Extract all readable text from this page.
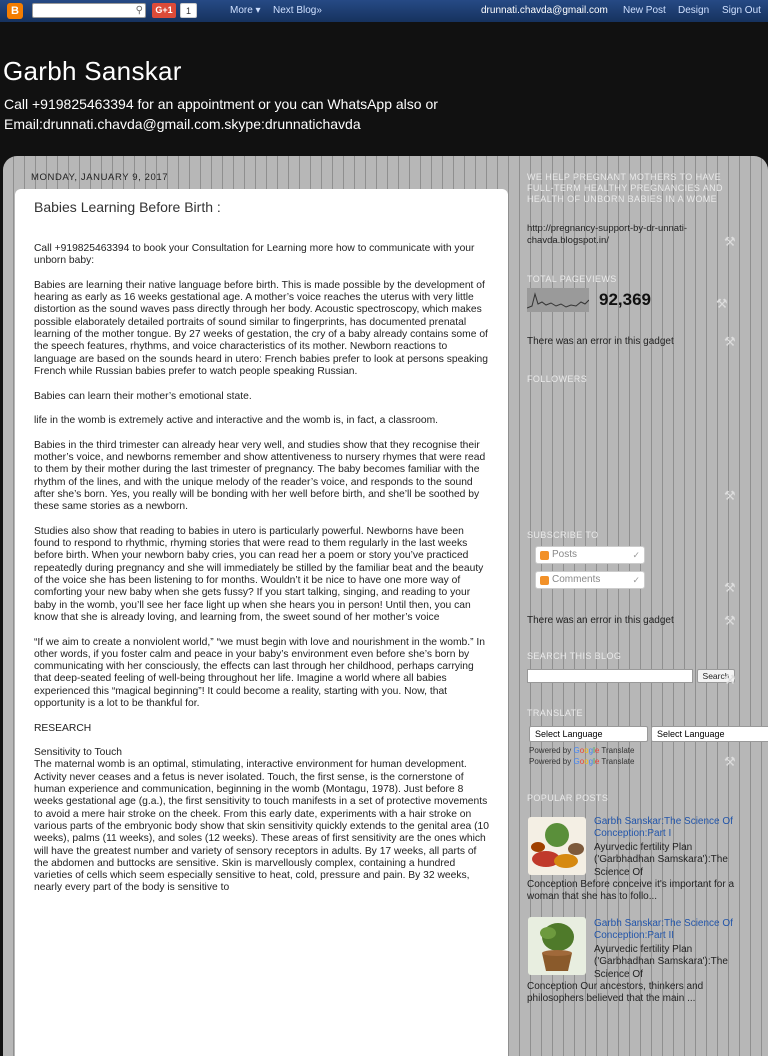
B	⚲	G+1	1	More ▾ Next Blog»	drunnati.chavda@gmail.com New Post Design Sign Out
Garbh Sanskar

Call +919825463394 for an appointment or you can WhatsApp also or Email:drunnati.chavda@gmail.com.skype:drunnatichavda

MONDAY, JANUARY 9, 2017
Babies Learning Before Birth :

Call +919825463394 to book your Consultation for Learning more how to communicate with your unborn baby:

Babies are learning their native language before birth. This is made possible by the development of hearing as early as 16 weeks gestational age. A mother’s voice reaches the uterus with very little distortion as the sound waves pass directly through her body. Acoustic spectroscopy, which makes possible elaborately detailed portraits of sound similar to fingerprints, has documented prenatal learning of the mother tongue. By 27 weeks of gestation, the cry of a baby already contains some of the speech features, rhythms, and voice characteristics of its mother. Newborn reactions to language are based on the sounds heard in utero: French babies prefer to look at persons speaking French while Russian babies prefer to watch people speaking Russian.

Babies can learn their mother’s emotional state.

life in the womb is extremely active and interactive and the womb is, in fact, a classroom.

Babies in the third trimester can already hear very well, and studies show that they recognise their mother’s voice, and newborns remember and show attentiveness to nursery rhymes that were read to them by their mother during the last trimester of pregnancy. The baby becomes familiar with the rhythm of the lines, and with the unique melody of the reader’s voice, and responds to the sound after she’s born. Yes, you really will be bonding with her well before birth, and she’ll be soothed by these same stories as a newborn.

Studies also show that reading to babies in utero is particularly powerful. Newborns have been found to respond to rhythmic, rhyming stories that were read to them regularly in the last weeks before birth. When your newborn baby cries, you can read her a poem or story you’ve practiced repeatedly during pregnancy and she will immediately be stilled by the familiar beat and the beauty of the voice she has been listening to for months. Wouldn’t it be nice to have one more way of comforting your new baby when she gets fussy? If you start talking, singing, and reading to your baby in the womb, you’ll see her face light up when she hears you in person! Until then, you can know that she is already loving, and learning from, the sweet sound of her mother’s voice

“If we aim to create a nonviolent world,” “we must begin with love and nourishment in the womb.” In other words, if you foster calm and peace in your baby’s environment even before she’s born by communicating with her consciously, the effects can last through her childhood, perhaps carrying that deep-seated feeling of well-being throughout her life. Imagine a world where all babies experienced this “magical beginning”! It could become a reality, starting with you. Now, that opportunity is a lot to be thankful for.

RESEARCH

Sensitivity to Touch
The maternal womb is an optimal, stimulating, interactive environment for human development. Activity never ceases and a fetus is never isolated. Touch, the first sense, is the cornerstone of human experience and communication, beginning in the womb (Montagu, 1978). Just before 8 weeks gestational age (g.a.), the first sensitivity to touch manifests in a set of protective movements to avoid a mere hair stroke on the cheek. From this early date, experiments with a hair stroke on various parts of the embryonic body show that skin sensitivity quickly extends to the genital area (10 weeks), palms (11 weeks), and soles (12 weeks). These areas of first sensitivity are the ones which will have the greatest number and variety of sensory receptors in adults. By 17 weeks, all parts of the abdomen and buttocks are sensitive. Skin is marvellously complex, containing a hundred varieties of cells which seem especially sensitive to heat, cold, pressure and pain. By 32 weeks, nearly every part of the body is sensitive to

WE HELP PREGNANT MOTHERS TO HAVE FULL-TERM HEALTHY PREGNANCIES AND HEALTH OF UNBORN BABIES IN A WOME
http://pregnancy-support-by-dr-unnati-chavda.blogspot.in/	⚒
TOTAL PAGEVIEWS
92,369	⚒
There was an error in this gadget	⚒
FOLLOWERS
⚒
SUBSCRIBE TO
Posts	✓
Comments	✓	⚒
There was an error in this gadget	⚒
SEARCH THIS BLOG
Search
⚒
TRANSLATE
Select Language	Select Language
Powered by Google Translate
Powered by Google Translate	⚒
POPULAR POSTS
Garbh Sanskar:The Science Of Conception:Part I
Ayurvedic fertility Plan ('Garbhadhan Samskara'):The Science Of
Conception Before conceive it's important for a woman that she has to follo...
Garbh Sanskar:The Science Of Conception:Part II
Ayurvedic fertility Plan ('Garbhadhan Samskara'):The Science Of
Conception Our ancestors, thinkers and philosophers believed that the main ...
